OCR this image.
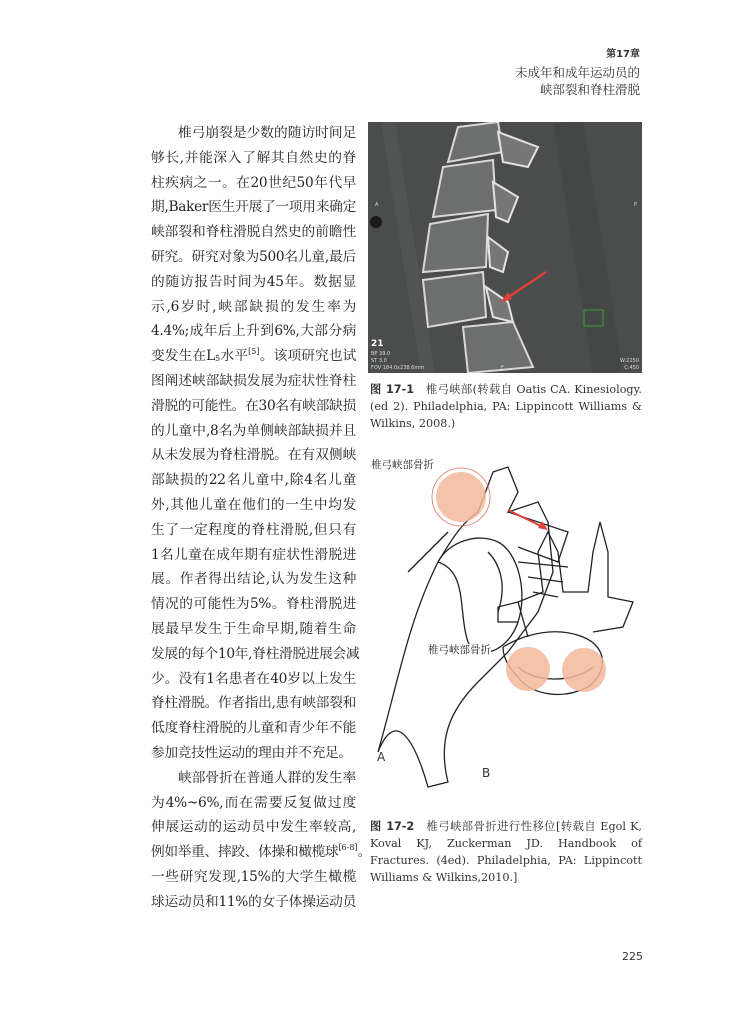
第17章
未成年和成年运动员的
峡部裂和脊柱滑脱
椎弓崩裂是少数的随访时间足
够长,并能深入了解其自然史的脊
柱疾病之一。在20世纪50年代早
期,Baker医生开展了一项用来确定
峡部裂和脊柱滑脱自然史的前瞻性
研究。研究对象为500名儿童,最后
的随访报告时间为45年。数据显
示,6岁时,峡部缺损的发生率为
4.4%;成年后上升到6%,大部分病
变发生在$L_5$水平[5]。该项研究也试
图阐述峡部缺损发展为症状性脊柱
滑脱的可能性。在30名有峡部缺损
的儿童中,8名为单侧峡部缺损并且
从未发展为脊柱滑脱。在有双侧峡
部缺损的22名儿童中,除4名儿童
外,其他儿童在他们的一生中均发
生了一定程度的脊柱滑脱,但只有
1名儿童在成年期有症状性滑脱进
展。作者得出结论,认为发生这种
情况的可能性为5%。脊柱滑脱进
展最早发生于生命早期,随着生命
发展的每个10年,脊柱滑脱进展会减
少。没有1名患者在40岁以上发生
脊柱滑脱。作者指出,患有峡部裂和
低度脊柱滑脱的儿童和青少年不能
参加竞技性运动的理由并不充足。
峡部骨折在普通人群的发生率
为4%~6%,而在需要反复做过度
伸展运动的运动员中发生率较高,
例如举重、摔跤、体操和橄榄球[6-8]。
一些研究发现,15%的大学生橄榄
球运动员和11%的女子体操运动员
21
BP 39.0
ST 3.0
FOV 184.0x238.6mm
W:2250
C:450
A	P
F
图 17-1 椎弓峡部(转载自 Oatis CA. Kinesiology. (ed 2). Philadelphia, PA: Lippincott Williams & Wilkins, 2008.)
椎弓峡部骨折
椎弓峡部骨折
A
B
图 17-2 椎弓峡部骨折进行性移位[转载自 Egol K, Koval KJ, Zuckerman JD. Handbook of Fractures. (4ed). Philadelphia, PA: Lippincott Williams & Wilkins,2010.]
225
